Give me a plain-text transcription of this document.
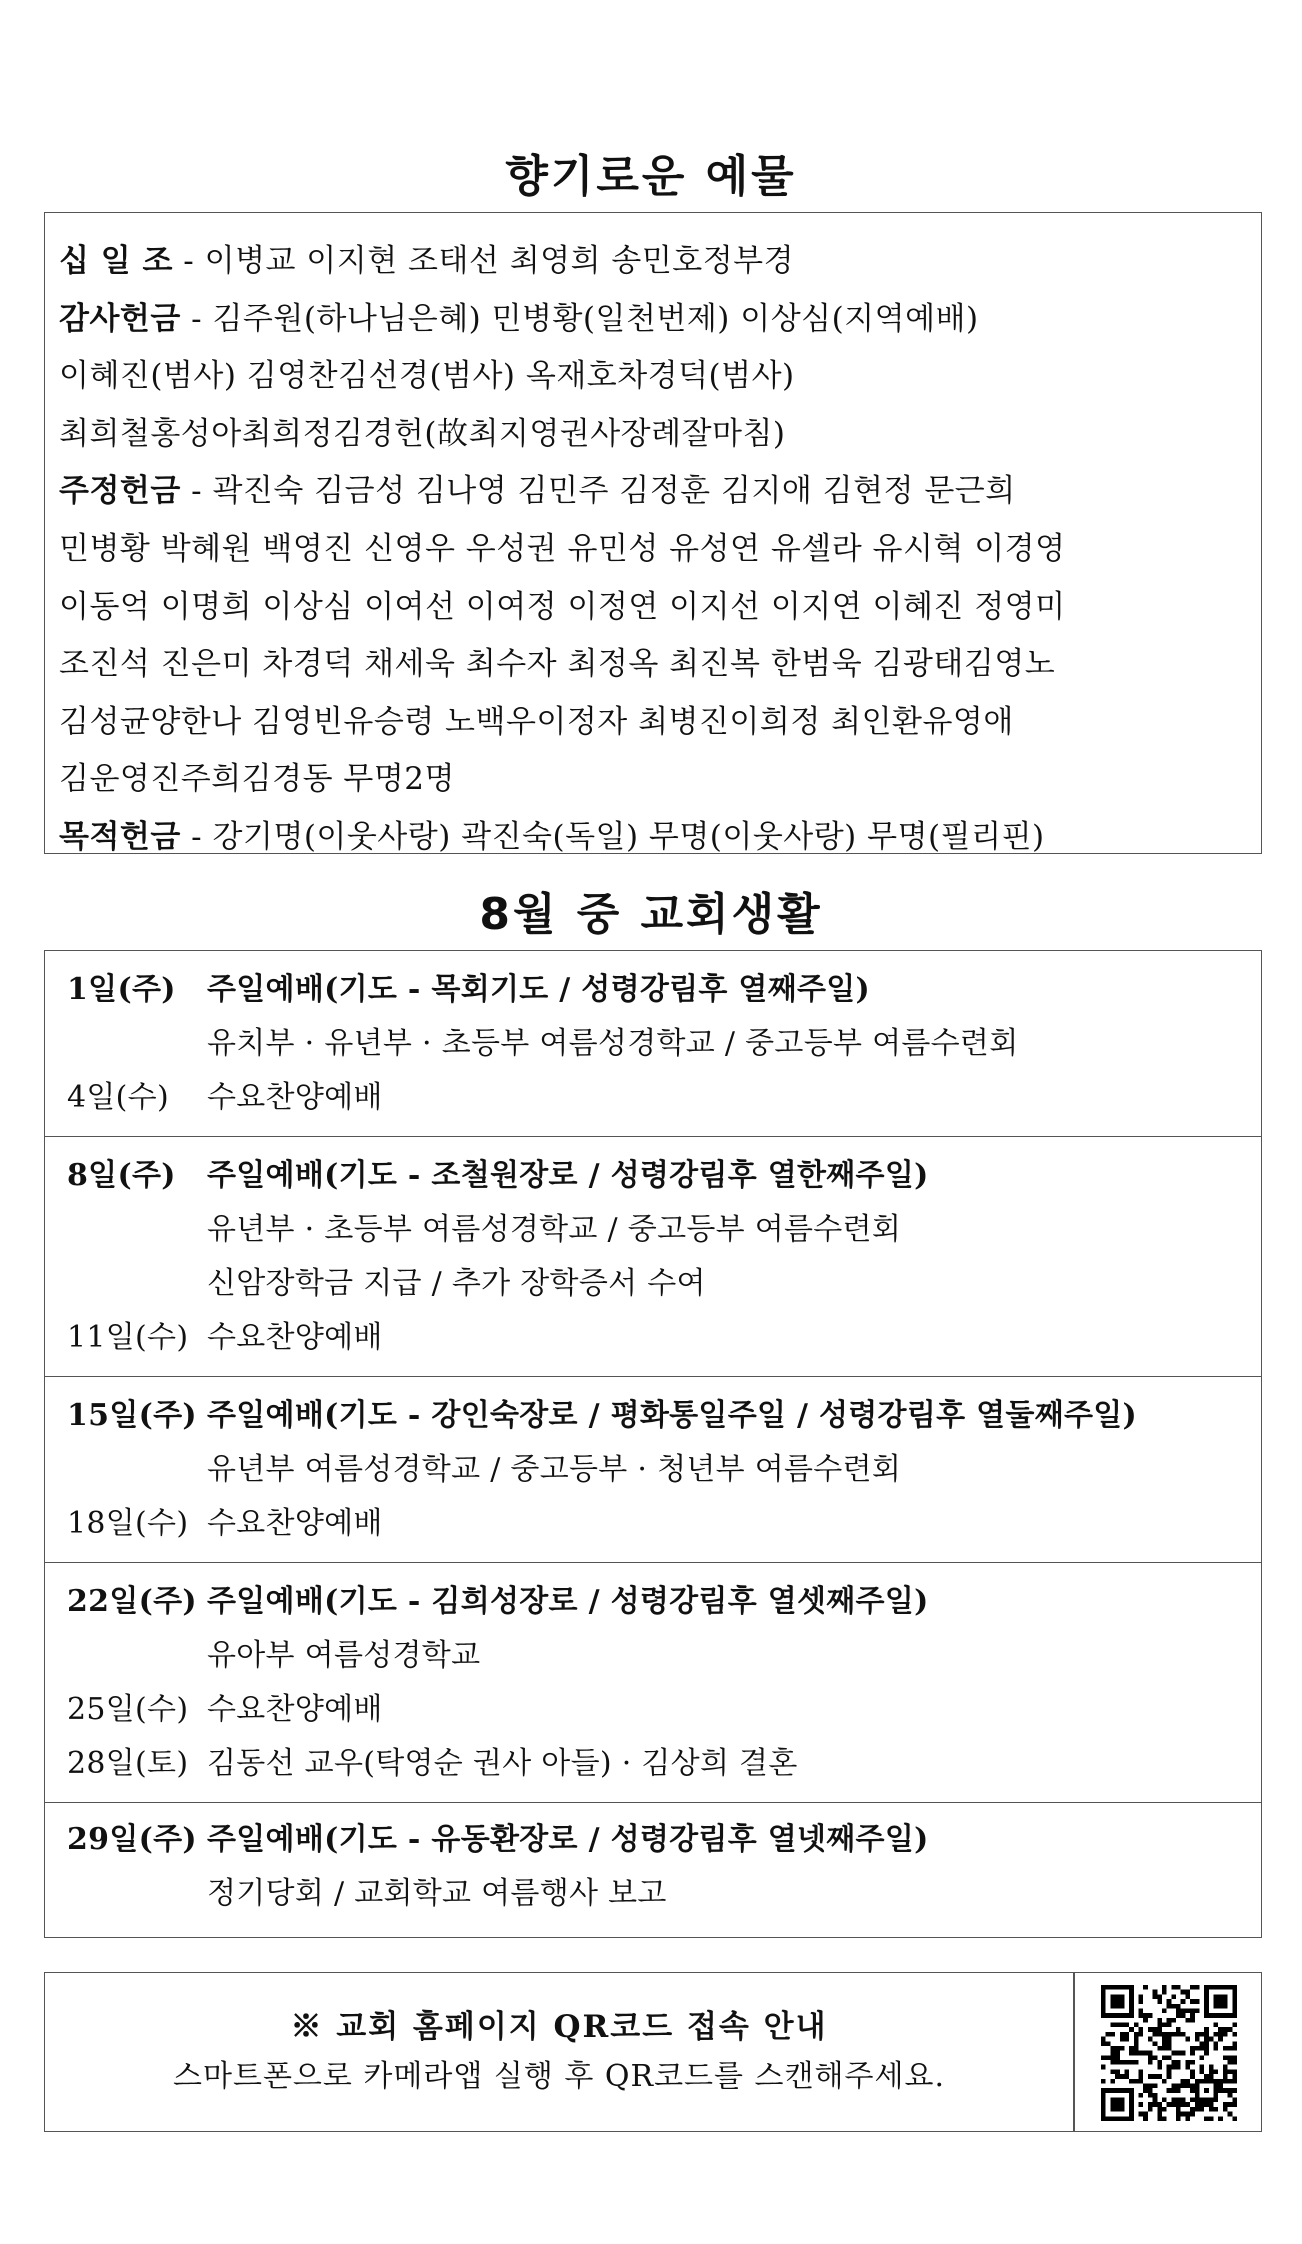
향기로운 예물
십 일 조 - 이병교 이지현 조태선 최영희 송민호정부경
감사헌금 - 김주원(하나님은혜) 민병황(일천번제) 이상심(지역예배)
이혜진(범사) 김영찬김선경(범사) 옥재호차경덕(범사)
최희철홍성아최희정김경헌(故최지영권사장례잘마침)
주정헌금 - 곽진숙 김금성 김나영 김민주 김정훈 김지애 김현정 문근희
민병황 박혜원 백영진 신영우 우성권 유민성 유성연 유셀라 유시혁 이경영
이동억 이명희 이상심 이여선 이여정 이정연 이지선 이지연 이혜진 정영미
조진석 진은미 차경덕 채세욱 최수자 최정옥 최진복 한범욱 김광태김영노
김성균양한나 김영빈유승령 노백우이정자 최병진이희정 최인환유영애
김운영진주희김경동 무명2명
목적헌금 - 강기명(이웃사랑) 곽진숙(독일) 무명(이웃사랑) 무명(필리핀)
8월 중 교회생활
1일(주)	주일예배(기도 - 목회기도 / 성령강림후 열째주일)
유치부 · 유년부 · 초등부 여름성경학교 / 중고등부 여름수련회
4일(수)	수요찬양예배
8일(주)	주일예배(기도 - 조철원장로 / 성령강림후 열한째주일)
유년부 · 초등부 여름성경학교 / 중고등부 여름수련회
신암장학금 지급 / 추가 장학증서 수여
11일(수) 수요찬양예배
15일(주) 주일예배(기도 - 강인숙장로 / 평화통일주일 / 성령강림후 열둘째주일)
유년부 여름성경학교 / 중고등부 · 청년부 여름수련회
18일(수) 수요찬양예배
22일(주) 주일예배(기도 - 김희성장로 / 성령강림후 열셋째주일)
유아부 여름성경학교
25일(수) 수요찬양예배
28일(토) 김동선 교우(탁영순 권사 아들) · 김상희 결혼
29일(주) 주일예배(기도 - 유동환장로 / 성령강림후 열넷째주일)
정기당회 / 교회학교 여름행사 보고
※ 교회 홈페이지 QR코드 접속 안내
스마트폰으로 카메라앱 실행 후 QR코드를 스캔해주세요.
